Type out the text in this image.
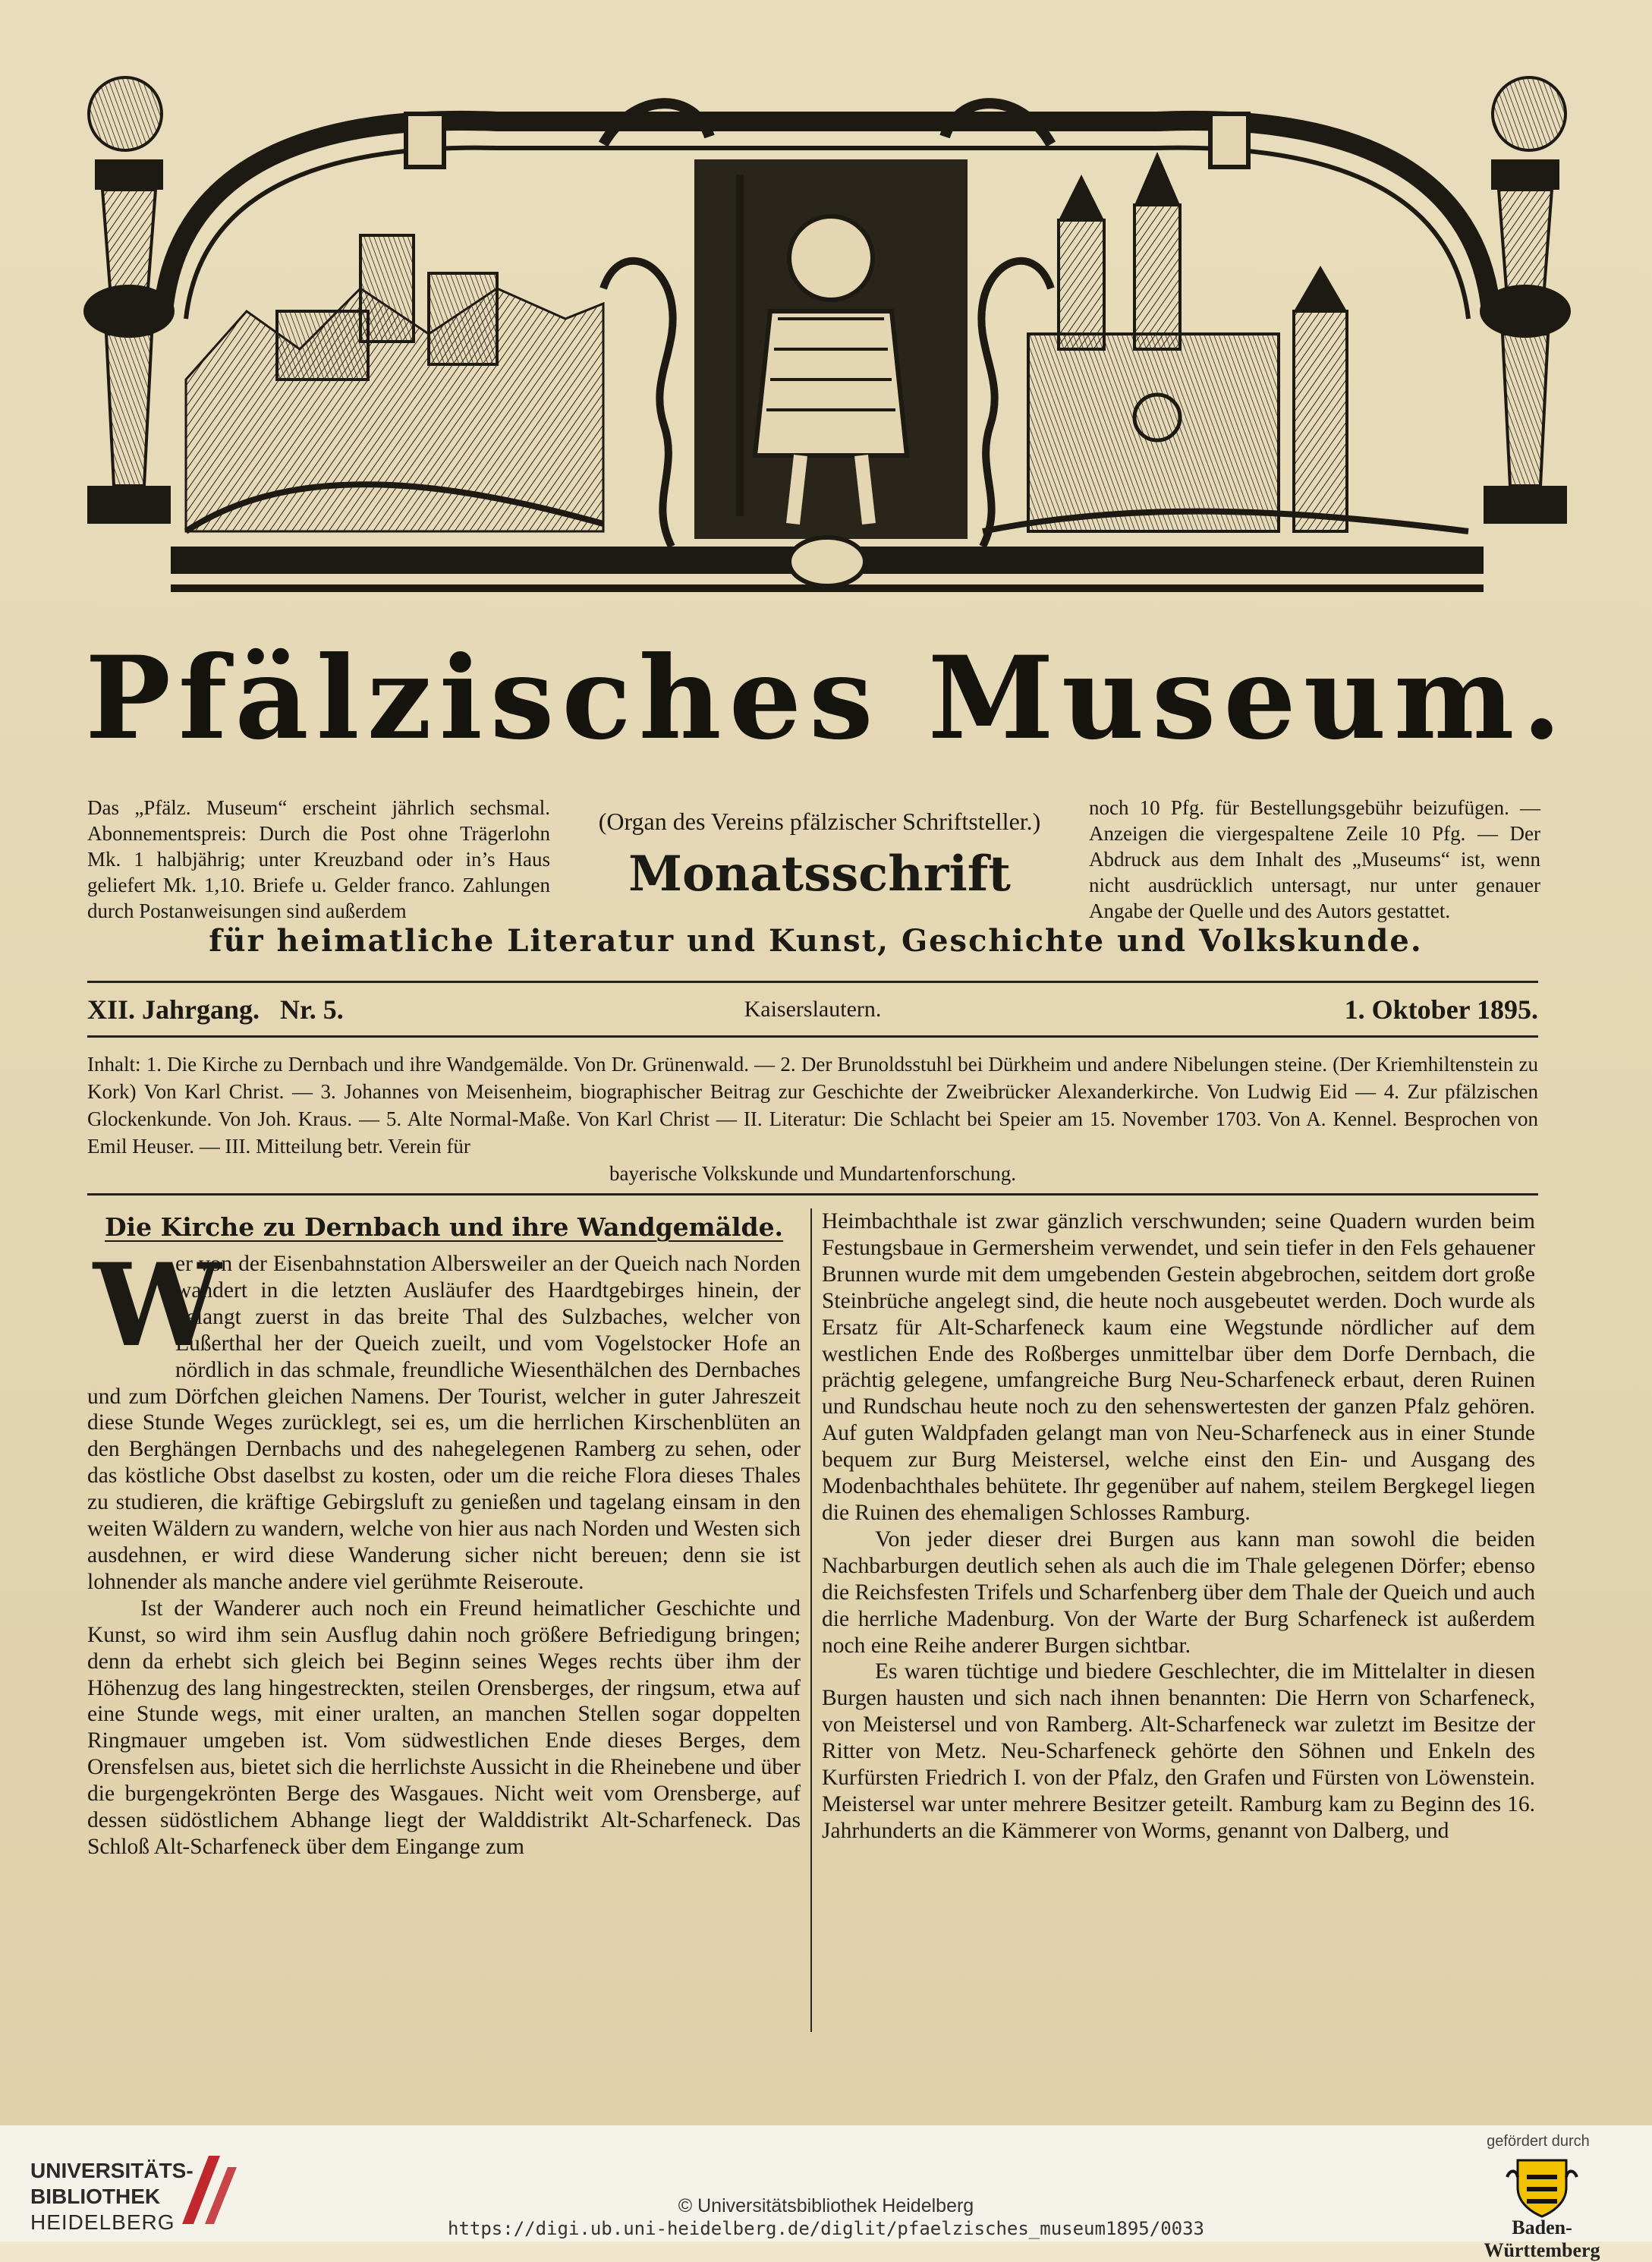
Pfälzisches Museum.
Das „Pfälz. Museum“ erscheint jährlich sechsmal. Abonnementspreis: Durch die Post ohne Trägerlohn Mk. 1 halbjährig; unter Kreuzband oder in’s Haus geliefert Mk. 1,10. Briefe u. Gelder franco. Zahlungen durch Postanweisungen sind außerdem
(Organ des Vereins pfälzischer Schriftsteller.)
Monatsschrift
noch 10 Pfg. für Bestellungsgebühr beizufügen. — Anzeigen die viergespaltene Zeile 10 Pfg. — Der Abdruck aus dem Inhalt des „Museums“ ist, wenn nicht ausdrücklich untersagt, nur unter genauer Angabe der Quelle und des Autors gestattet.
für heimatliche Literatur und Kunst, Geschichte und Volkskunde.
XII. Jahrgang. Nr. 5.	Kaiserslautern.	1. Oktober 1895.
Inhalt: 1. Die Kirche zu Dernbach und ihre Wandgemälde. Von Dr. Grünenwald. — 2. Der Brunoldsstuhl bei Dürkheim und andere Nibelungen steine. (Der Kriemhiltenstein zu Kork) Von Karl Christ. — 3. Johannes von Meisenheim, biographischer Beitrag zur Geschichte der Zweibrücker Alexanderkirche. Von Ludwig Eid — 4. Zur pfälzischen Glockenkunde. Von Joh. Kraus. — 5. Alte Normal-Maße. Von Karl Christ — II. Literatur: Die Schlacht bei Speier am 15. November 1703. Von A. Kennel. Besprochen von Emil Heuser. — III. Mitteilung betr. Verein für
bayerische Volkskunde und Mundartenforschung.
Die Kirche zu Dernbach und ihre Wandgemälde.
W

er von der Eisenbahnstation Albersweiler an der Queich nach Norden wandert in die letzten Ausläufer des Haardtgebirges hinein, der gelangt zuerst in das breite Thal des Sulzbaches, welcher von Eußerthal her der Queich zueilt, und vom Vogelstocker Hofe an nördlich in das schmale, freundliche Wiesenthälchen des Dernbaches und zum Dörfchen gleichen Namens. Der Tourist, welcher in guter Jahreszeit diese Stunde Weges zurücklegt, sei es, um die herrlichen Kirschenblüten an den Berghängen Dernbachs und des nahegelegenen Ramberg zu sehen, oder das köstliche Obst daselbst zu kosten, oder um die reiche Flora dieses Thales zu studieren, die kräftige Gebirgsluft zu genießen und tagelang einsam in den weiten Wäldern zu wandern, welche von hier aus nach Norden und Westen sich ausdehnen, er wird diese Wanderung sicher nicht bereuen; denn sie ist lohnender als manche andere viel gerühmte Reiseroute.

Ist der Wanderer auch noch ein Freund heimatlicher Geschichte und Kunst, so wird ihm sein Ausflug dahin noch größere Befriedigung bringen; denn da erhebt sich gleich bei Beginn seines Weges rechts über ihm der Höhenzug des lang hingestreckten, steilen Orensberges, der ringsum, etwa auf eine Stunde wegs, mit einer uralten, an manchen Stellen sogar doppelten Ringmauer umgeben ist. Vom südwestlichen Ende dieses Berges, dem Orensfelsen aus, bietet sich die herrlichste Aussicht in die Rheinebene und über die burgengekrönten Berge des Wasgaues. Nicht weit vom Orensberge, auf dessen südöstlichem Abhange liegt der Walddistrikt Alt-Scharfeneck. Das Schloß Alt-Scharfeneck über dem Eingange zum

Heimbachthale ist zwar gänzlich verschwunden; seine Quadern wurden beim Festungsbaue in Germersheim verwendet, und sein tiefer in den Fels gehauener Brunnen wurde mit dem umgebenden Gestein abgebrochen, seitdem dort große Steinbrüche angelegt sind, die heute noch ausgebeutet werden. Doch wurde als Ersatz für Alt-Scharfeneck kaum eine Wegstunde nördlicher auf dem westlichen Ende des Roßberges unmittelbar über dem Dorfe Dernbach, die prächtig gelegene, umfangreiche Burg Neu-Scharfeneck erbaut, deren Ruinen und Rundschau heute noch zu den sehenswertesten der ganzen Pfalz gehören. Auf guten Waldpfaden gelangt man von Neu-Scharfeneck aus in einer Stunde bequem zur Burg Meistersel, welche einst den Ein- und Ausgang des Modenbachthales behütete. Ihr gegenüber auf nahem, steilem Bergkegel liegen die Ruinen des ehemaligen Schlosses Ramburg.

Von jeder dieser drei Burgen aus kann man sowohl die beiden Nachbarburgen deutlich sehen als auch die im Thale gelegenen Dörfer; ebenso die Reichsfesten Trifels und Scharfenberg über dem Thale der Queich und auch die herrliche Madenburg. Von der Warte der Burg Scharfeneck ist außerdem noch eine Reihe anderer Burgen sichtbar.

Es waren tüchtige und biedere Geschlechter, die im Mittelalter in diesen Burgen hausten und sich nach ihnen benannten: Die Herrn von Scharfeneck, von Meistersel und von Ramberg. Alt-Scharfeneck war zuletzt im Besitze der Ritter von Metz. Neu-Scharfeneck gehörte den Söhnen und Enkeln des Kurfürsten Friedrich I. von der Pfalz, den Grafen und Fürsten von Löwenstein. Meistersel war unter mehrere Besitzer geteilt. Ramburg kam zu Beginn des 16. Jahrhunderts an die Kämmerer von Worms, genannt von Dalberg, und

UNIVERSITÄTS-
BIBLIOTHEK
HEIDELBERG
© Universitätsbibliothek Heidelberg
https://digi.ub.uni-heidelberg.de/diglit/pfaelzisches_museum1895/0033
gefördert durch
Baden-Württemberg
